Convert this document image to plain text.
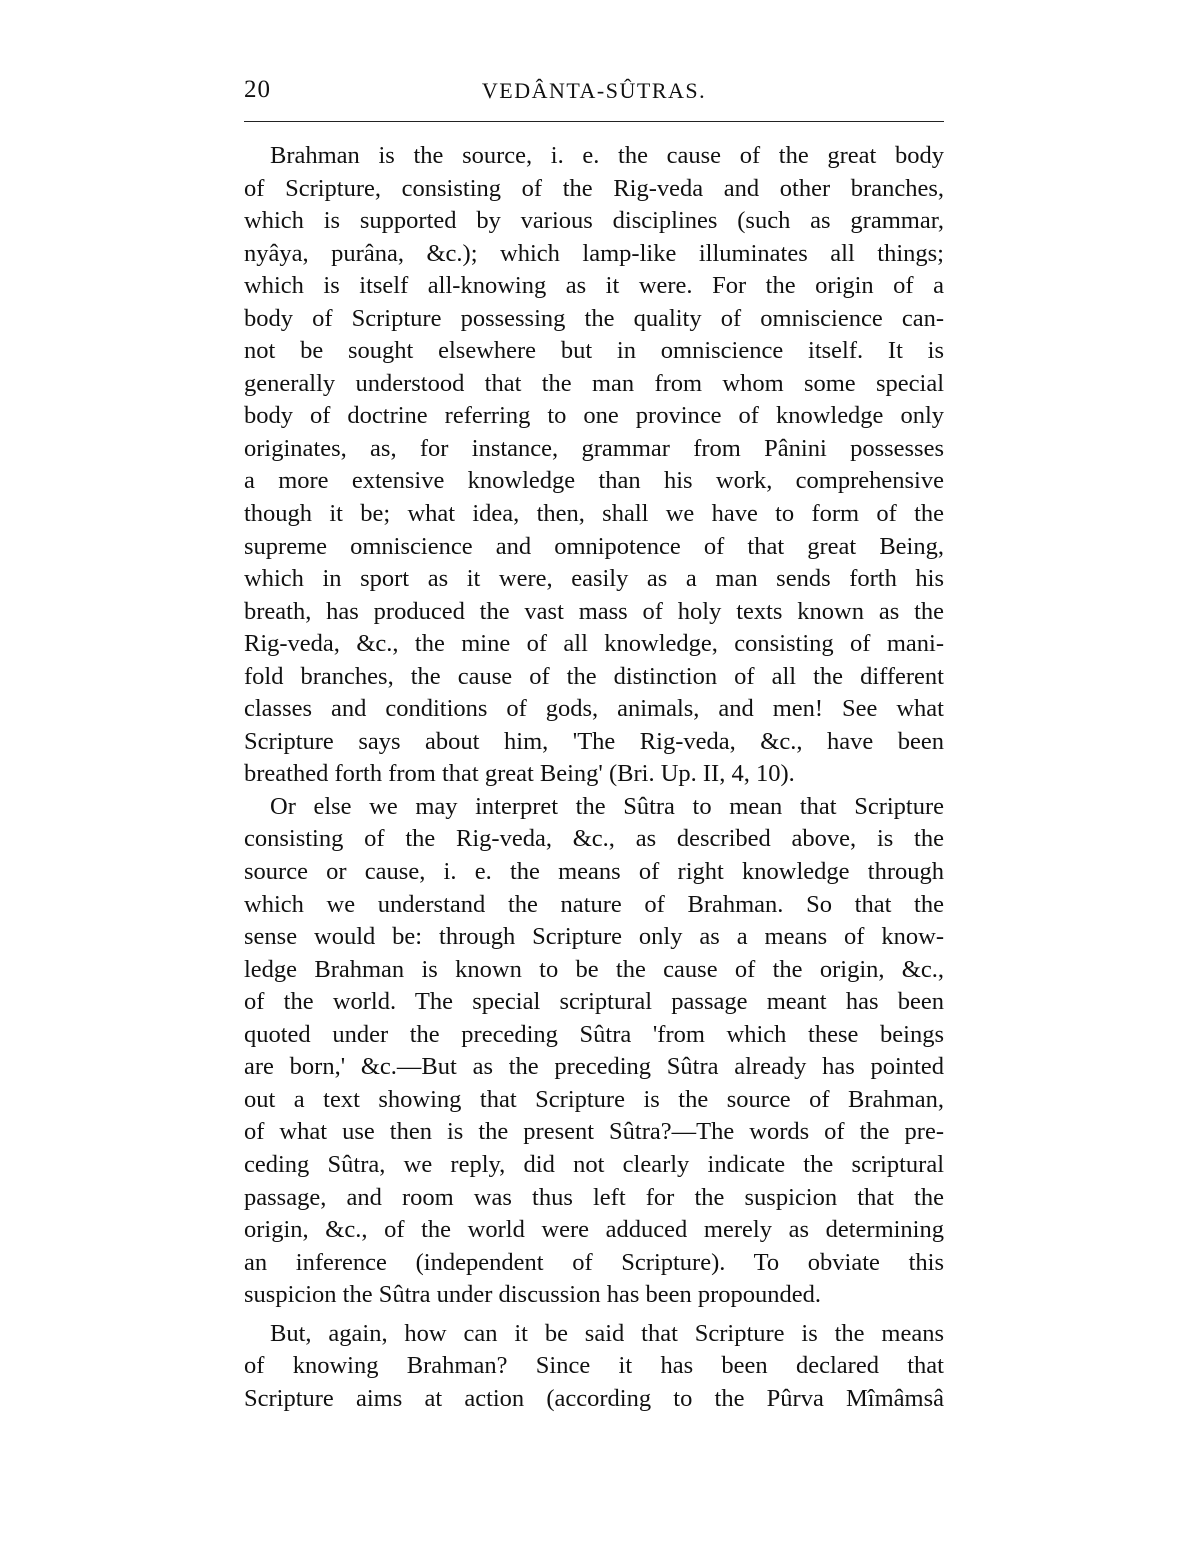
20	VEDÂNTA-SÛTRAS.
Brahman is the source, i. e. the cause of the great body
of Scripture, consisting of the Rig-veda and other branches,
which is supported by various disciplines (such as grammar,
nyâya, purâna, &c.); which lamp-like illuminates all things;
which is itself all-knowing as it were. For the origin of a
body of Scripture possessing the quality of omniscience can-
not be sought elsewhere but in omniscience itself. It is
generally understood that the man from whom some special
body of doctrine referring to one province of knowledge only
originates, as, for instance, grammar from Pânini possesses
a more extensive knowledge than his work, comprehensive
though it be; what idea, then, shall we have to form of the
supreme omniscience and omnipotence of that great Being,
which in sport as it were, easily as a man sends forth his
breath, has produced the vast mass of holy texts known as the
Rig-veda, &c., the mine of all knowledge, consisting of mani-
fold branches, the cause of the distinction of all the different
classes and conditions of gods, animals, and men! See what
Scripture says about him, 'The Rig-veda, &c., have been
breathed forth from that great Being' (Bri. Up. II, 4, 10).
Or else we may interpret the Sûtra to mean that Scripture
consisting of the Rig-veda, &c., as described above, is the
source or cause, i. e. the means of right knowledge through
which we understand the nature of Brahman. So that the
sense would be: through Scripture only as a means of know-
ledge Brahman is known to be the cause of the origin, &c.,
of the world. The special scriptural passage meant has been
quoted under the preceding Sûtra 'from which these beings
are born,' &c.—But as the preceding Sûtra already has pointed
out a text showing that Scripture is the source of Brahman,
of what use then is the present Sûtra?—The words of the pre-
ceding Sûtra, we reply, did not clearly indicate the scriptural
passage, and room was thus left for the suspicion that the
origin, &c., of the world were adduced merely as determining
an inference (independent of Scripture). To obviate this
suspicion the Sûtra under discussion has been propounded.
But, again, how can it be said that Scripture is the means
of knowing Brahman? Since it has been declared that
Scripture aims at action (according to the Pûrva Mîmâmsâ
